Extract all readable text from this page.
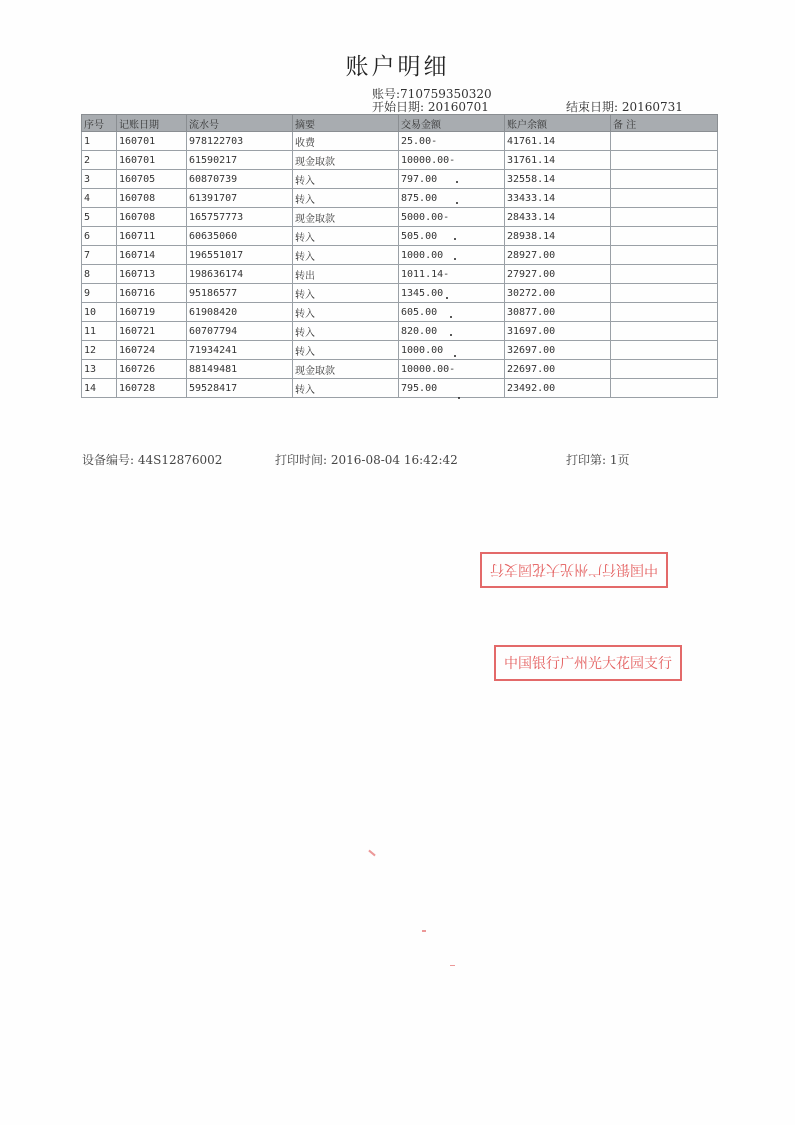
账户明细
账号:710759350320
开始日期: 20160701	结束日期: 20160731
序号	记账日期	流水号	摘要	交易金额	账户余额	备 注
1	160701	978122703	收费	25.00-	41761.14	
2	160701	61590217	现金取款	10000.00-	31761.14	
3	160705	60870739	转入	797.00	32558.14	
4	160708	61391707	转入	875.00	33433.14	
5	160708	165757773	现金取款	5000.00-	28433.14	
6	160711	60635060	转入	505.00	28938.14	
7	160714	196551017	转入	1000.00	28927.00	
8	160713	198636174	转出	1011.14-	27927.00	
9	160716	95186577	转入	1345.00	30272.00	
10	160719	61908420	转入	605.00	30877.00	
11	160721	60707794	转入	820.00	31697.00	
12	160724	71934241	转入	1000.00	32697.00	
13	160726	88149481	现金取款	10000.00-	22697.00	
14	160728	59528417	转入	795.00	23492.00	
设备编号: 44S12876002	打印时间: 2016-08-04 16:42:42	打印第: 1页
中国银行广州光大花园支行
中国银行广州光大花园支行
